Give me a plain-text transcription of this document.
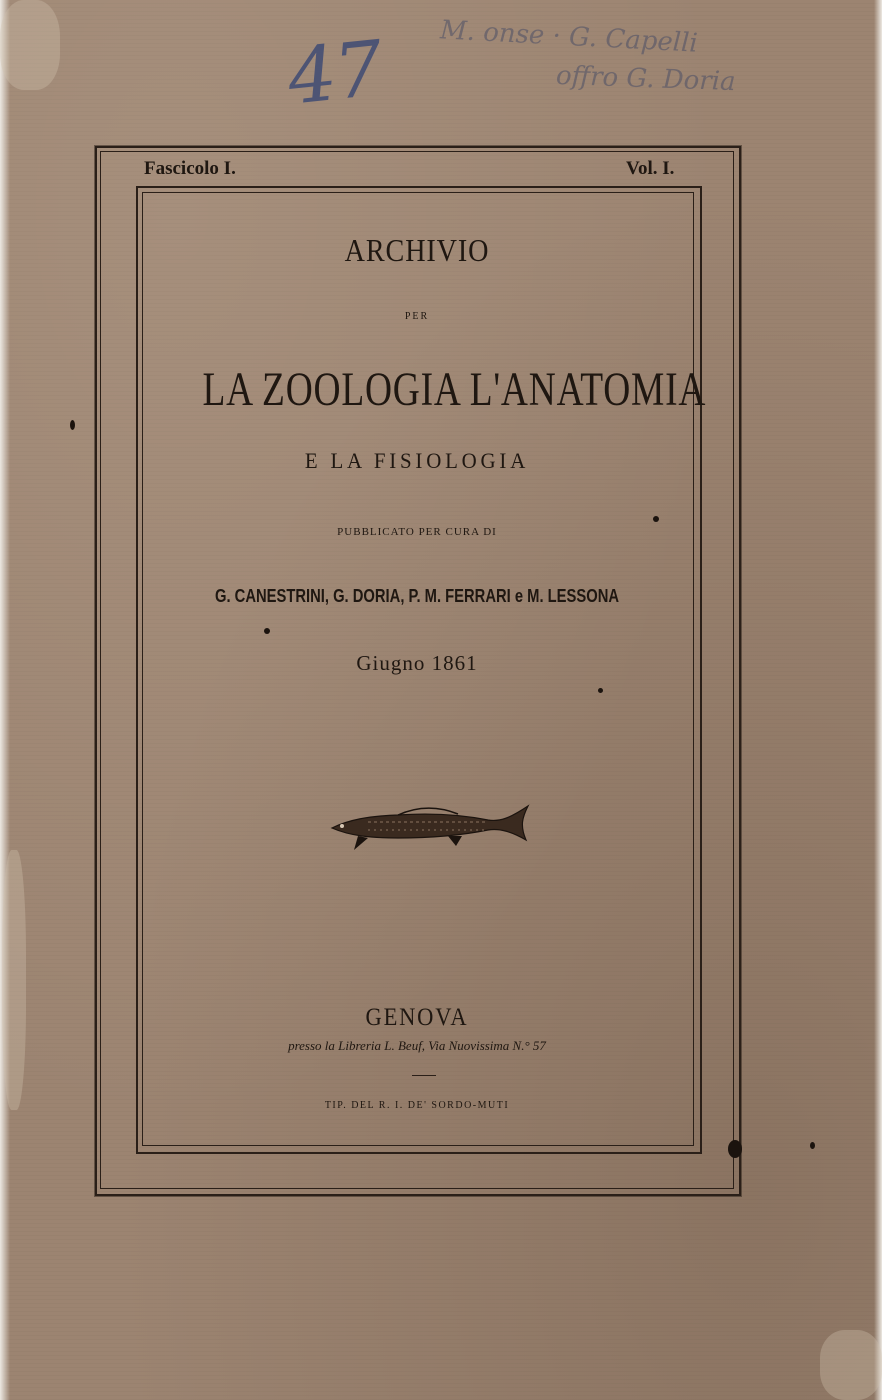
47 M. onse · G. Capelli
offro G. Doria
Fascicolo I.	Vol. I.
ARCHIVIO
PER
LA ZOOLOGIA L'ANATOMIA
E LA FISIOLOGIA
PUBBLICATO PER CURA DI
G. CANESTRINI, G. DORIA, P. M. FERRARI e M. LESSONA
Giugno 1861
GENOVA
presso la Libreria L. Beuf, Via Nuovissima N.° 57
TIP. DEL R. I. DE' SORDO-MUTI
